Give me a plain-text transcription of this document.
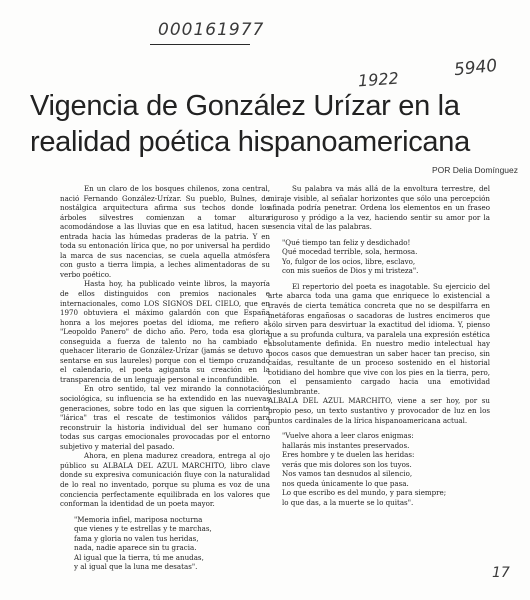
000161977
1922	5940
Vigencia de González Urízar en la realidad poética hispanoamericana
POR Delia Domínguez

En un claro de los bosques chilenos, zona central, nació Fernando González-Urízar. Su pueblo, Bulnes, de nostálgica arquitectura afirma sus techos donde los árboles silvestres comienzan a tomar altura acomodándose a las lluvias que en esa latitud, hacen su entrada hacia las húmedas praderas de la patria. Y en toda su entonación lírica que, no por universal ha perdido la marca de sus nacencias, se cuela aquella atmósfera con gusto a tierra limpia, a leches alimentadoras de su verbo poético.

Hasta hoy, ha publicado veinte libros, la mayoría de ellos distinguidos con premios nacionales e internacionales, como LOS SIGNOS DEL CIELO, que en 1970 obtuviera el máximo galardón con que España honra a los mejores poetas del idioma, me refiero al "Leopoldo Panero" de dicho año. Pero, toda esa gloria conseguida a fuerza de talento no ha cambiado el quehacer literario de González-Urízar (jamás se detuvo a sentarse en sus laureles) porque con el tiempo cruzando el calendario, el poeta agiganta su creación en la transparencia de un lenguaje personal e inconfundible.

En otro sentido, tal vez mirando la connotación sociológica, su influencia se ha extendido en las nuevas generaciones, sobre todo en las que siguen la corriente "lárica" tras el rescate de testimonios válidos para reconstruir la historia individual del ser humano con todas sus cargas emocionales provocadas por el entorno subjetivo y material del pasado.

Ahora, en plena madurez creadora, entrega al ojo público su ALBALA DEL AZUL MARCHITO, libro clave donde su expresiva comunicación fluye con la naturalidad de lo real no inventado, porque su pluma es voz de una conciencia perfectamente equilibrada en los valores que conforman la identidad de un poeta mayor.

"Memoria infiel, mariposa nocturna
que vienes y te estrellas y te marchas,
fama y gloria no valen tus heridas,
nada, nadie aparece sin tu gracia.
Al igual que la tierra, tú me anudas,
y al igual que la luna me desatas".

Su palabra va más allá de la envoltura terrestre, del miraje visible, al señalar horizontes que sólo una percepción afinada podría penetrar. Ordena los elementos en un fraseo riguroso y pródigo a la vez, haciendo sentir su amor por la esencia vital de las palabras.

"Qué tiempo tan feliz y desdichado!
Qué mocedad terrible, sola, hermosa.
Yo, fulgor de los ocios, libre, esclavo,
con mis sueños de Dios y mi tristeza".

El repertorio del poeta es inagotable. Su ejercicio del arte abarca toda una gama que enriquece lo existencial a través de cierta temática concreta que no se despilfarra en metáforas engañosas o sacadoras de lustres encimeros que sólo sirven para desvirtuar la exactitud del idioma. Y, pienso que a su profunda cultura, va paralela una expresión estética absolutamente definida. En nuestro medio intelectual hay pocos casos que demuestran un saber hacer tan preciso, sin caídas, resultante de un proceso sostenido en el historial cotidiano del hombre que vive con los pies en la tierra, pero, con el pensamiento cargado hacia una emotividad deslumbrante.

ALBALA DEL AZUL MARCHITO, viene a ser hoy, por su propio peso, un texto sustantivo y provocador de luz en los puntos cardinales de la lírica hispanoamericana actual.

"Vuelve ahora a leer claros enigmas:
hallarás mis instantes preservados.
Eres hombre y te duelen las heridas:
verás que mis dolores son los tuyos.
Nos vamos tan desnudos al silencio,
nos queda únicamente lo que pasa.
Lo que escribo es del mundo, y para siempre;
lo que das, a la muerte se lo quitas".
17
